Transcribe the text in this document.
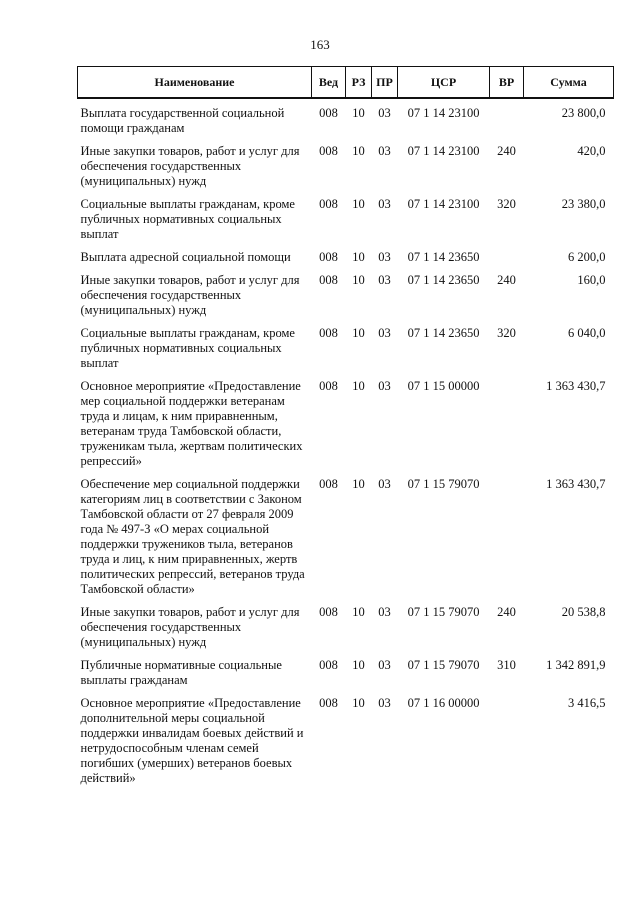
163
Наименование	Вед	РЗ	ПР	ЦСР	ВР	Сумма
Выплата государственной социальной помощи гражданам	008	10	03	07 1 14 23100		23 800,0
Иные закупки товаров, работ и услуг для обеспечения государственных (муниципальных) нужд	008	10	03	07 1 14 23100	240	420,0
Социальные выплаты гражданам, кроме публичных нормативных социальных выплат	008	10	03	07 1 14 23100	320	23 380,0
Выплата адресной социальной помощи	008	10	03	07 1 14 23650		6 200,0
Иные закупки товаров, работ и услуг для обеспечения государственных (муниципальных) нужд	008	10	03	07 1 14 23650	240	160,0
Социальные выплаты гражданам, кроме публичных нормативных социальных выплат	008	10	03	07 1 14 23650	320	6 040,0
Основное мероприятие «Предоставление мер социальной поддержки ветеранам труда и лицам, к ним приравненным, ветеранам труда Тамбовской области, труженикам тыла, жертвам политических репрессий»	008	10	03	07 1 15 00000		1 363 430,7
Обеспечение мер социальной поддержки категориям лиц в соответствии с Законом Тамбовской области от 27 февраля 2009 года № 497-З «О мерах социальной поддержки тружеников тыла, ветеранов труда и лиц, к ним приравненных, жертв политических репрессий, ветеранов труда Тамбовской области»	008	10	03	07 1 15 79070		1 363 430,7
Иные закупки товаров, работ и услуг для обеспечения государственных (муниципальных) нужд	008	10	03	07 1 15 79070	240	20 538,8
Публичные нормативные социальные выплаты гражданам	008	10	03	07 1 15 79070	310	1 342 891,9
Основное мероприятие «Предоставление дополнительной меры социальной поддержки инвалидам боевых действий и нетрудоспособным членам семей погибших (умерших) ветеранов боевых действий»	008	10	03	07 1 16 00000		3 416,5
